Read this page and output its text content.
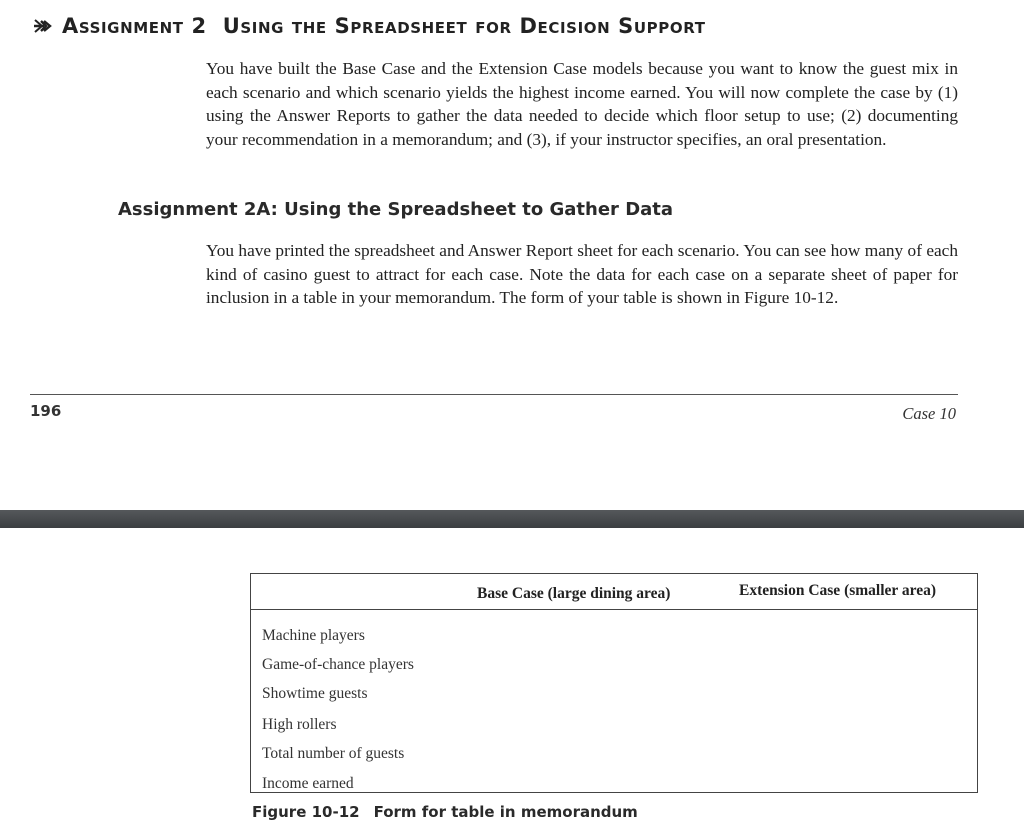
Assignment 2 Using the Spreadsheet for Decision Support
You have built the Base Case and the Extension Case models because you want to know the guest mix in each scenario and which scenario yields the highest income earned. You will now complete the case by (1) using the Answer Reports to gather the data needed to decide which floor setup to use; (2) documenting your recommendation in a memorandum; and (3), if your instructor specifies, an oral presentation.
Assignment 2A: Using the Spreadsheet to Gather Data
You have printed the spreadsheet and Answer Report sheet for each scenario. You can see how many of each kind of casino guest to attract for each case. Note the data for each case on a separate sheet of paper for inclusion in a table in your memorandum. The form of your table is shown in Figure 10-12.
196	Case 10
Base Case (large dining area)	Extension Case (smaller area)
Machine players
Game-of-chance players
Showtime guests
High rollers
Total number of guests
Income earned
Figure 10-12 Form for table in memorandum
